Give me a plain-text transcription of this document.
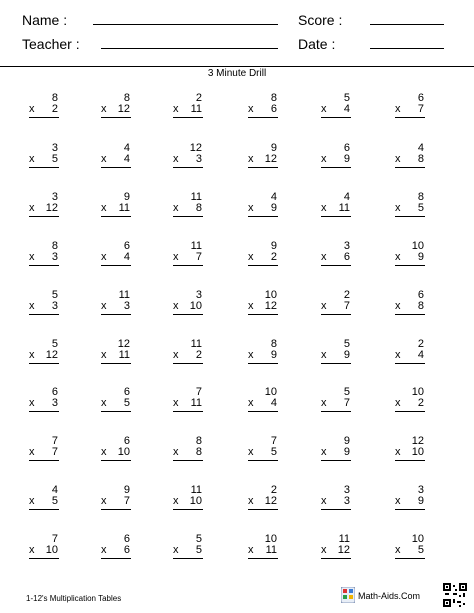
Name :
Teacher :
Score :
Date :
3 Minute Drill
8
x 2
8
x 12
2
x 11
8
x 6
5
x 4
6
x 7
3
x 5
4
x 4
12
x 3
9
x 12
6
x 9
4
x 8
3
x 12
9
x 11
11
x 8
4
x 9
4
x 11
8
x 5
8
x 3
6
x 4
11
x 7
9
x 2
3
x 6
10
x 9
5
x 3
11
x 3
3
x 10
10
x 12
2
x 7
6
x 8
5
x 12
12
x 11
11
x 2
8
x 9
5
x 9
2
x 4
6
x 3
6
x 5
7
x 11
10
x 4
5
x 7
10
x 2
7
x 7
6
x 10
8
x 8
7
x 5
9
x 9
12
x 10
4
x 5
9
x 7
11
x 10
2
x 12
3
x 3
3
x 9
7
x 10
6
x 6
5
x 5
10
x 11
11
x 12
10
x 5
1-12's Multiplication Tables	Math-Aids.Com
